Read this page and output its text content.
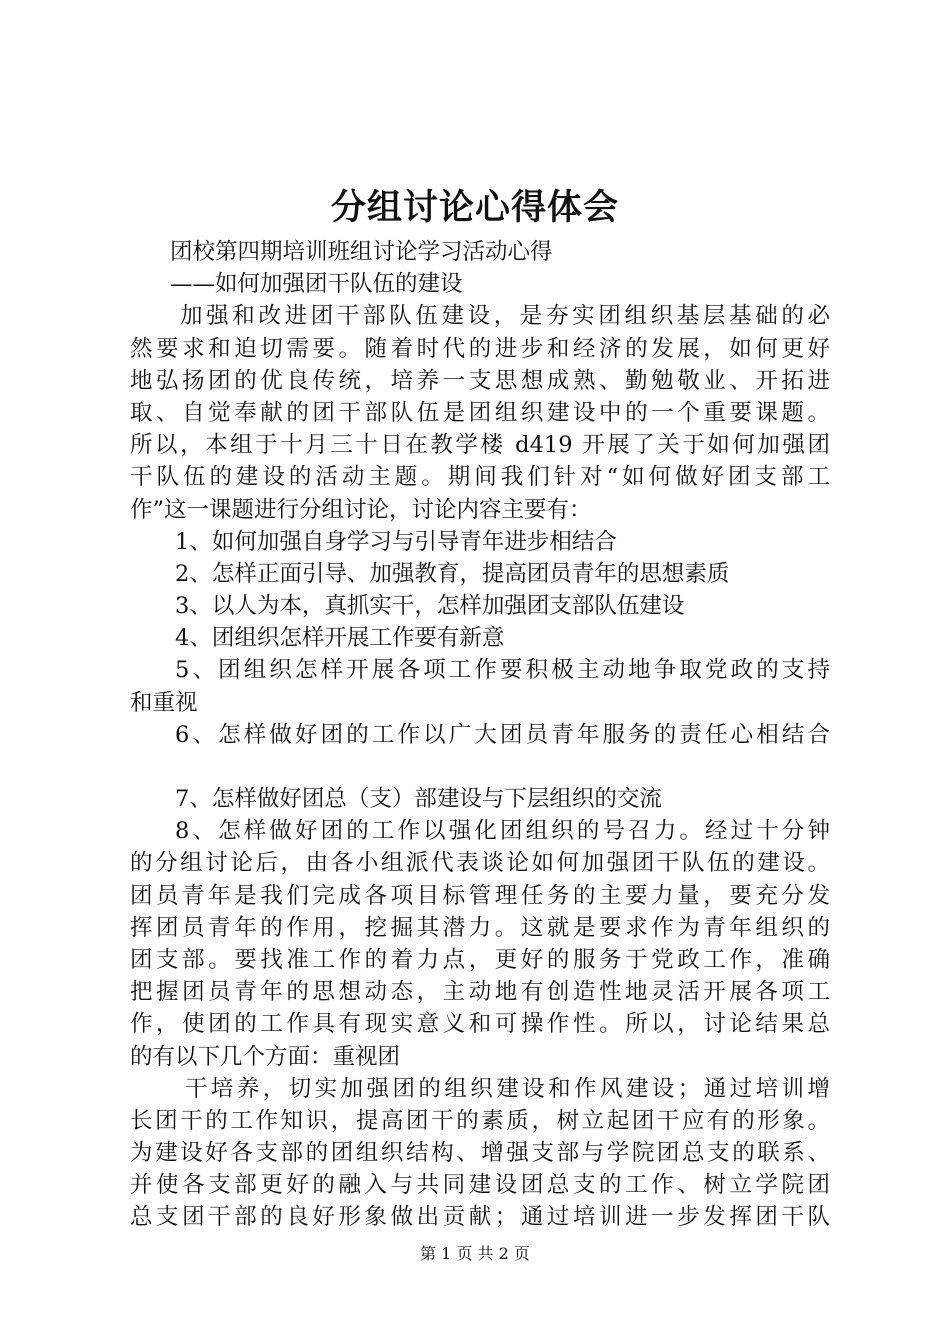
分组讨论心得体会
团校第四期培训班组讨论学习活动心得
——如何加强团干队伍的建设
加强和改进团干部队伍建设，是夯实团组织基层基础的必
然要求和迫切需要。随着时代的进步和经济的发展，如何更好
地弘扬团的优良传统，培养一支思想成熟、勤勉敬业、开拓进
取、自觉奉献的团干部队伍是团组织建设中的一个重要课题。
所以，本组于十月三十日在教学楼 d419 开展了关于如何加强团
干队伍的建设的活动主题。期间我们针对“如何做好团支部工
作”这一课题进行分组讨论，讨论内容主要有：
1、如何加强自身学习与引导青年进步相结合
2、怎样正面引导、加强教育，提高团员青年的思想素质
3、以人为本，真抓实干，怎样加强团支部队伍建设
4、团组织怎样开展工作要有新意
5、团组织怎样开展各项工作要积极主动地争取党政的支持
和重视
6、怎样做好团的工作以广大团员青年服务的责任心相结合
7、怎样做好团总（支）部建设与下层组织的交流
8、怎样做好团的工作以强化团组织的号召力。经过十分钟
的分组讨论后，由各小组派代表谈论如何加强团干队伍的建设。
团员青年是我们完成各项目标管理任务的主要力量，要充分发
挥团员青年的作用，挖掘其潜力。这就是要求作为青年组织的
团支部。要找准工作的着力点，更好的服务于党政工作，准确
把握团员青年的思想动态，主动地有创造性地灵活开展各项工
作，使团的工作具有现实意义和可操作性。所以，讨论结果总
的有以下几个方面：重视团
干培养，切实加强团的组织建设和作风建设；通过培训增
长团干的工作知识，提高团干的素质，树立起团干应有的形象。
为建设好各支部的团组织结构、增强支部与学院团总支的联系、
并使各支部更好的融入与共同建设团总支的工作、树立学院团
总支团干部的良好形象做出贡献；通过培训进一步发挥团干队
第 1 页 共 2 页
